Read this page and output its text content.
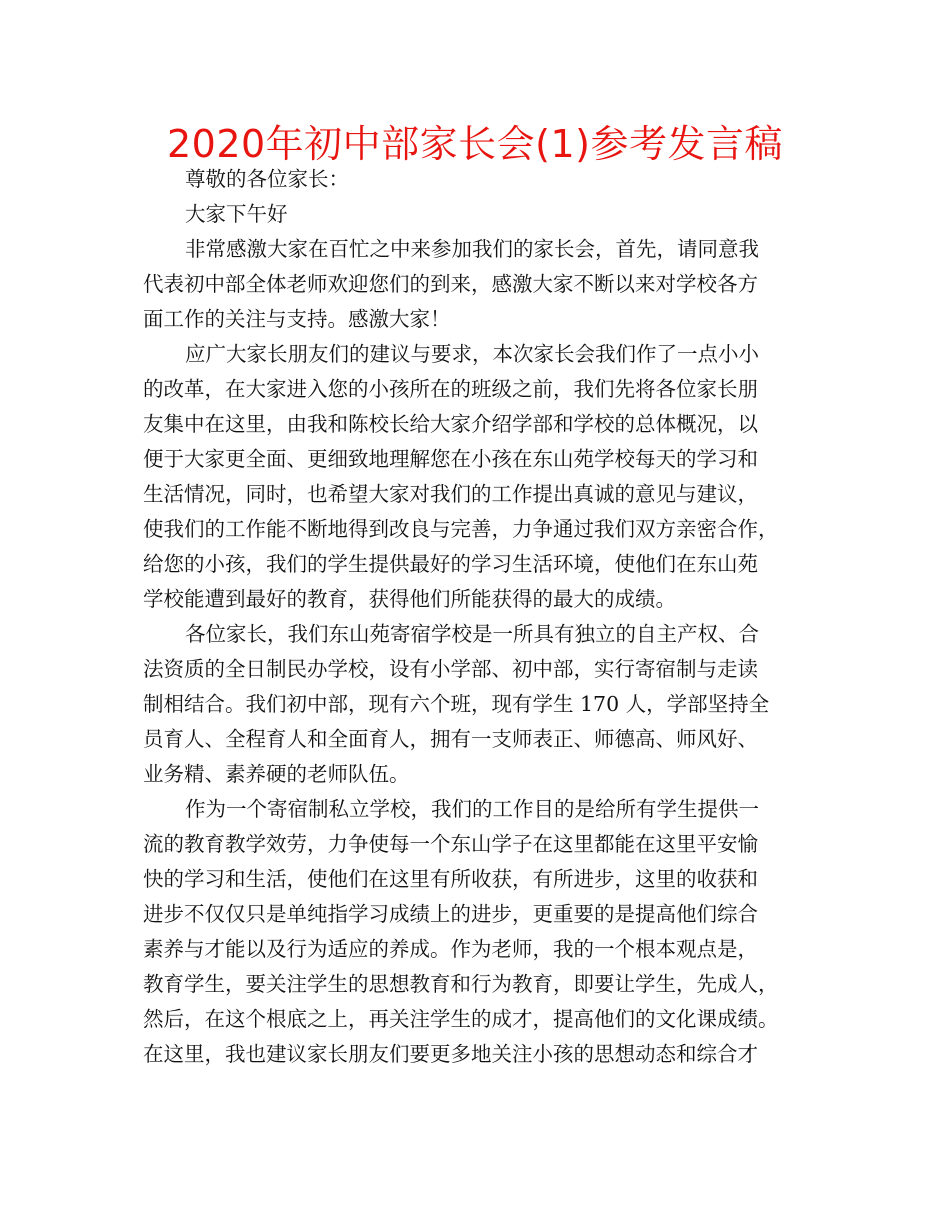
2020年初中部家长会(1)参考发言稿
尊敬的各位家长：
大家下午好
非常感激大家在百忙之中来参加我们的家长会，首先，请同意我
代表初中部全体老师欢迎您们的到来，感激大家不断以来对学校各方
面工作的关注与支持。感激大家！
应广大家长朋友们的建议与要求，本次家长会我们作了一点小小
的改革，在大家进入您的小孩所在的班级之前，我们先将各位家长朋
友集中在这里，由我和陈校长给大家介绍学部和学校的总体概况，以
便于大家更全面、更细致地理解您在小孩在东山苑学校每天的学习和
生活情况，同时，也希望大家对我们的工作提出真诚的意见与建议，
使我们的工作能不断地得到改良与完善，力争通过我们双方亲密合作，
给您的小孩，我们的学生提供最好的学习生活环境，使他们在东山苑
学校能遭到最好的教育，获得他们所能获得的最大的成绩。
各位家长，我们东山苑寄宿学校是一所具有独立的自主产权、合
法资质的全日制民办学校，设有小学部、初中部，实行寄宿制与走读
制相结合。我们初中部，现有六个班，现有学生 170 人，学部坚持全
员育人、全程育人和全面育人，拥有一支师表正、师德高、师风好、
业务精、素养硬的老师队伍。
作为一个寄宿制私立学校，我们的工作目的是给所有学生提供一
流的教育教学效劳，力争使每一个东山学子在这里都能在这里平安愉
快的学习和生活，使他们在这里有所收获，有所进步，这里的收获和
进步不仅仅只是单纯指学习成绩上的进步，更重要的是提高他们综合
素养与才能以及行为适应的养成。作为老师，我的一个根本观点是，
教育学生，要关注学生的思想教育和行为教育，即要让学生，先成人，
然后，在这个根底之上，再关注学生的成才，提高他们的文化课成绩。
在这里，我也建议家长朋友们要更多地关注小孩的思想动态和综合才
